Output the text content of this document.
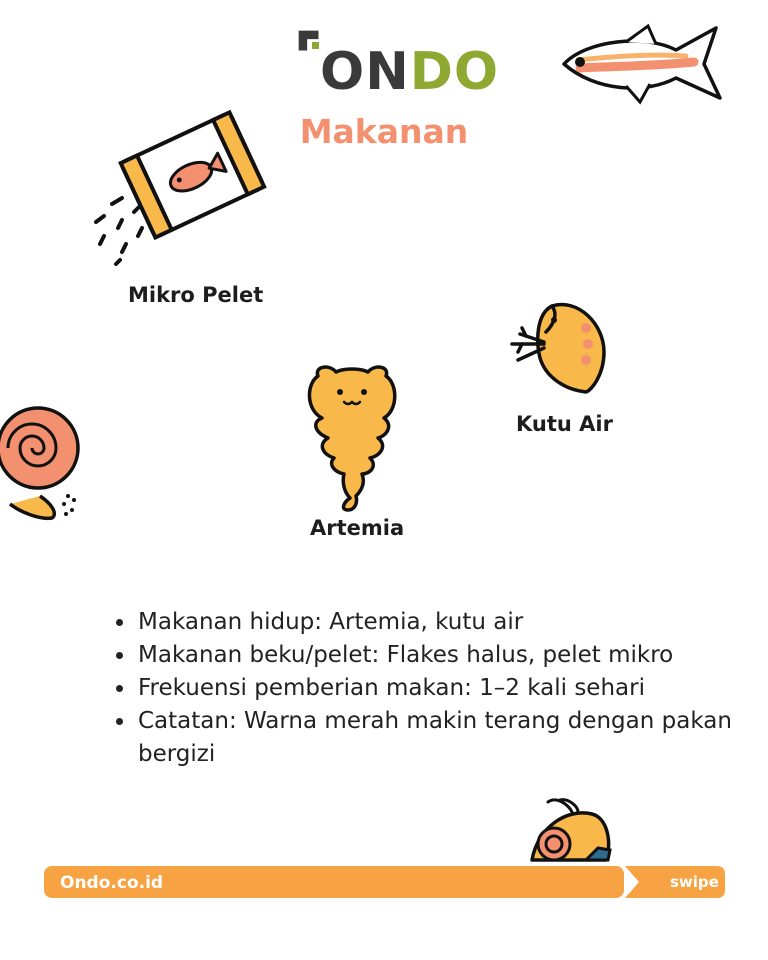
ONDO
Makanan
Mikro Pelet
Kutu Air
Artemia
• Makanan hidup: Artemia, kutu air
• Makanan beku/pelet: Flakes halus, pelet mikro
• Frekuensi pemberian makan: 1–2 kali sehari
• Catatan: Warna merah makin terang dengan pakan bergizi
Ondo.co.id	swipe
